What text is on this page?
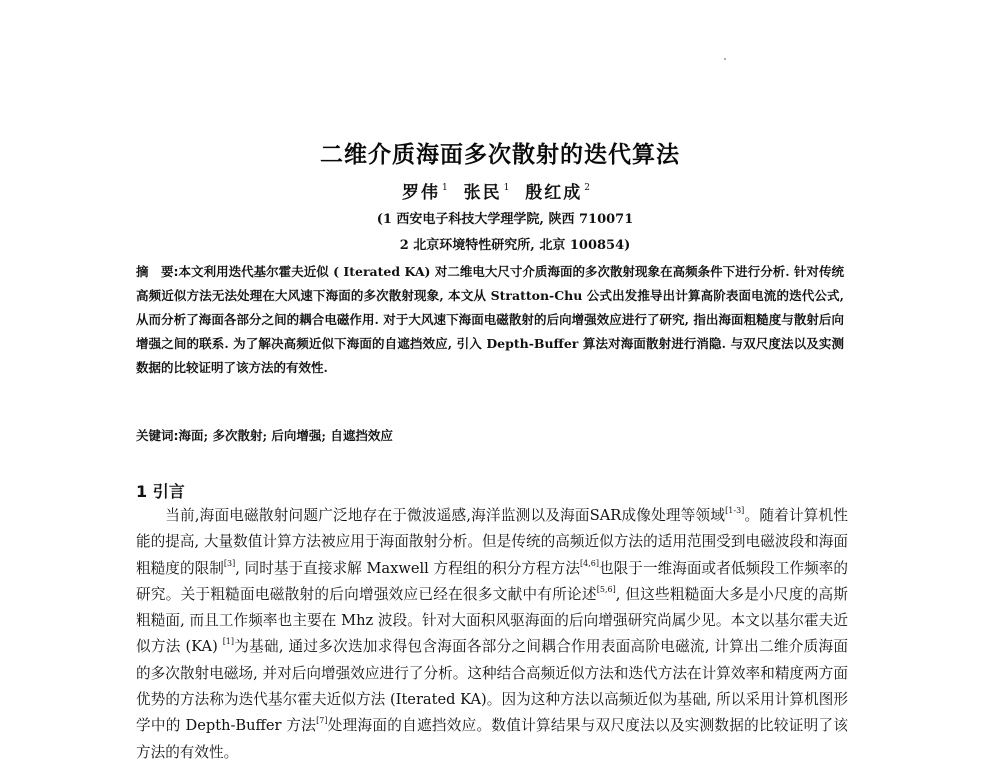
二维介质海面多次散射的迭代算法
罗伟 $^1$ 张民 $^1$ 殷红成 $^2$
(1 西安电子科技大学理学院, 陕西 710071
2 北京环境特性研究所, 北京 100854)
摘　要:本文利用迭代基尔霍夫近似 ( Iterated KA) 对二维电大尺寸介质海面的多次散射现象在高频条件下进行分析. 针对传统高频近似方法无法处理在大风速下海面的多次散射现象, 本文从 Stratton-Chu 公式出发推导出计算高阶表面电流的迭代公式, 从而分析了海面各部分之间的耦合电磁作用. 对于大风速下海面电磁散射的后向增强效应进行了研究, 指出海面粗糙度与散射后向增强之间的联系. 为了解决高频近似下海面的自遮挡效应, 引入 Depth-Buffer 算法对海面散射进行消隐. 与双尺度法以及实测数据的比较证明了该方法的有效性.
关键词:海面; 多次散射; 后向增强; 自遮挡效应
1 引言
当前,海面电磁散射问题广泛地存在于微波遥感,海洋监测以及海面SAR成像处理等领域[1-3]。随着计算机性能的提高, 大量数值计算方法被应用于海面散射分析。但是传统的高频近似方法的适用范围受到电磁波段和海面粗糙度的限制[3], 同时基于直接求解 Maxwell 方程组的积分方程方法[4,6]也限于一维海面或者低频段工作频率的研究。关于粗糙面电磁散射的后向增强效应已经在很多文献中有所论述[5,6], 但这些粗糙面大多是小尺度的高斯粗糙面, 而且工作频率也主要在 Mhz 波段。针对大面积风驱海面的后向增强研究尚属少见。本文以基尔霍夫近似方法 (KA) [1]为基础, 通过多次迭加求得包含海面各部分之间耦合作用表面高阶电磁流, 计算出二维介质海面的多次散射电磁场, 并对后向增强效应进行了分析。这种结合高频近似方法和迭代方法在计算效率和精度两方面优势的方法称为迭代基尔霍夫近似方法 (Iterated KA)。因为这种方法以高频近似为基础, 所以采用计算机图形学中的 Depth-Buffer 方法[7]处理海面的自遮挡效应。数值计算结果与双尺度法以及实测数据的比较证明了该方法的有效性。
